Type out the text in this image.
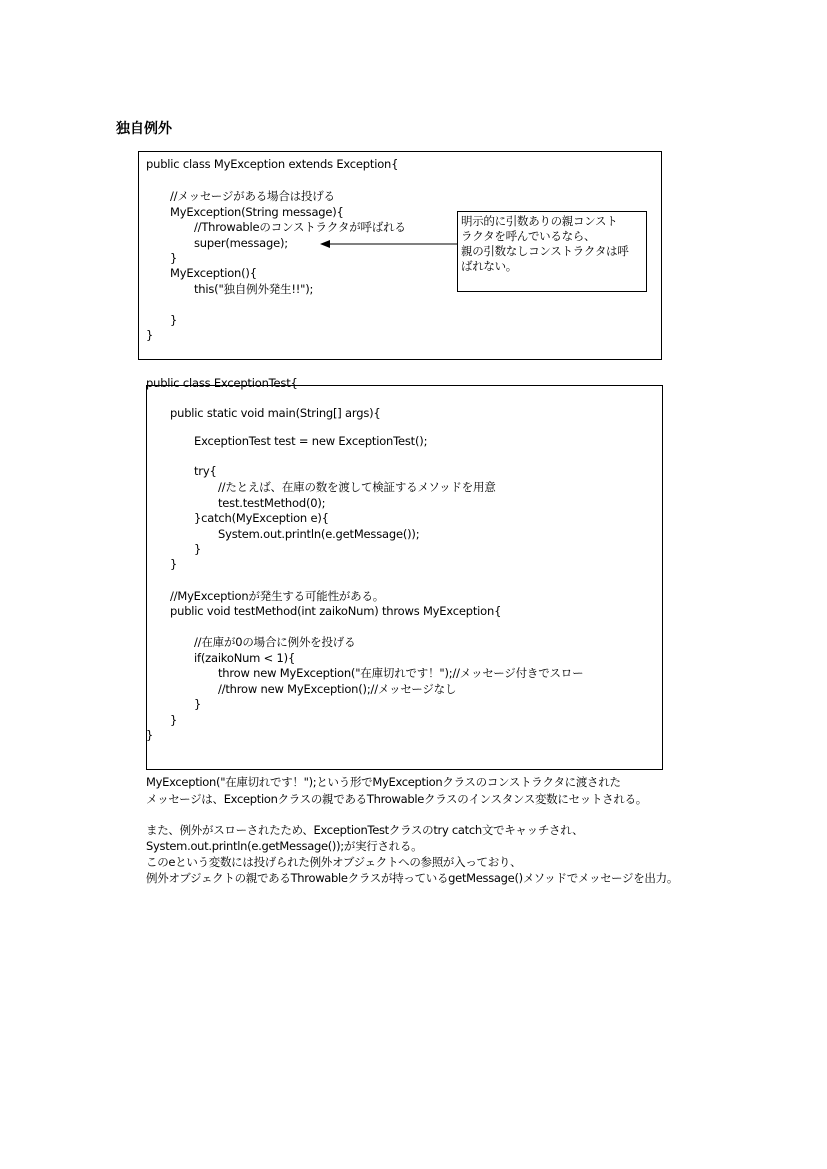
独自例外
public class MyException extends Exception{
//メッセージがある場合は投げる
MyException(String message){
//Throwableのコンストラクタが呼ばれる
super(message);
}
MyException(){
this("独自例外発生!!");
}
}
明示的に引数ありの親コンスト
ラクタを呼んでいるなら、
親の引数なしコンストラクタは呼
ばれない。
public class ExceptionTest{
public static void main(String[] args){
ExceptionTest test = new ExceptionTest();
try{
//たとえば、在庫の数を渡して検証するメソッドを用意
test.testMethod(0);
}catch(MyException e){
System.out.println(e.getMessage());
}
}
//MyExceptionが発生する可能性がある。
public void testMethod(int zaikoNum) throws MyException{
//在庫が0の場合に例外を投げる
if(zaikoNum < 1){
throw new MyException("在庫切れです！");//メッセージ付きでスロー
//throw new MyException();//メッセージなし
}
}
}
MyException("在庫切れです！");という形でMyExceptionクラスのコンストラクタに渡された
メッセージは、Exceptionクラスの親であるThrowableクラスのインスタンス変数にセットされる。
また、例外がスローされたため、ExceptionTestクラスのtry catch文でキャッチされ、
System.out.println(e.getMessage());が実行される。
このeという変数には投げられた例外オブジェクトへの参照が入っており、
例外オブジェクトの親であるThrowableクラスが持っているgetMessage()メソッドでメッセージを出力。
